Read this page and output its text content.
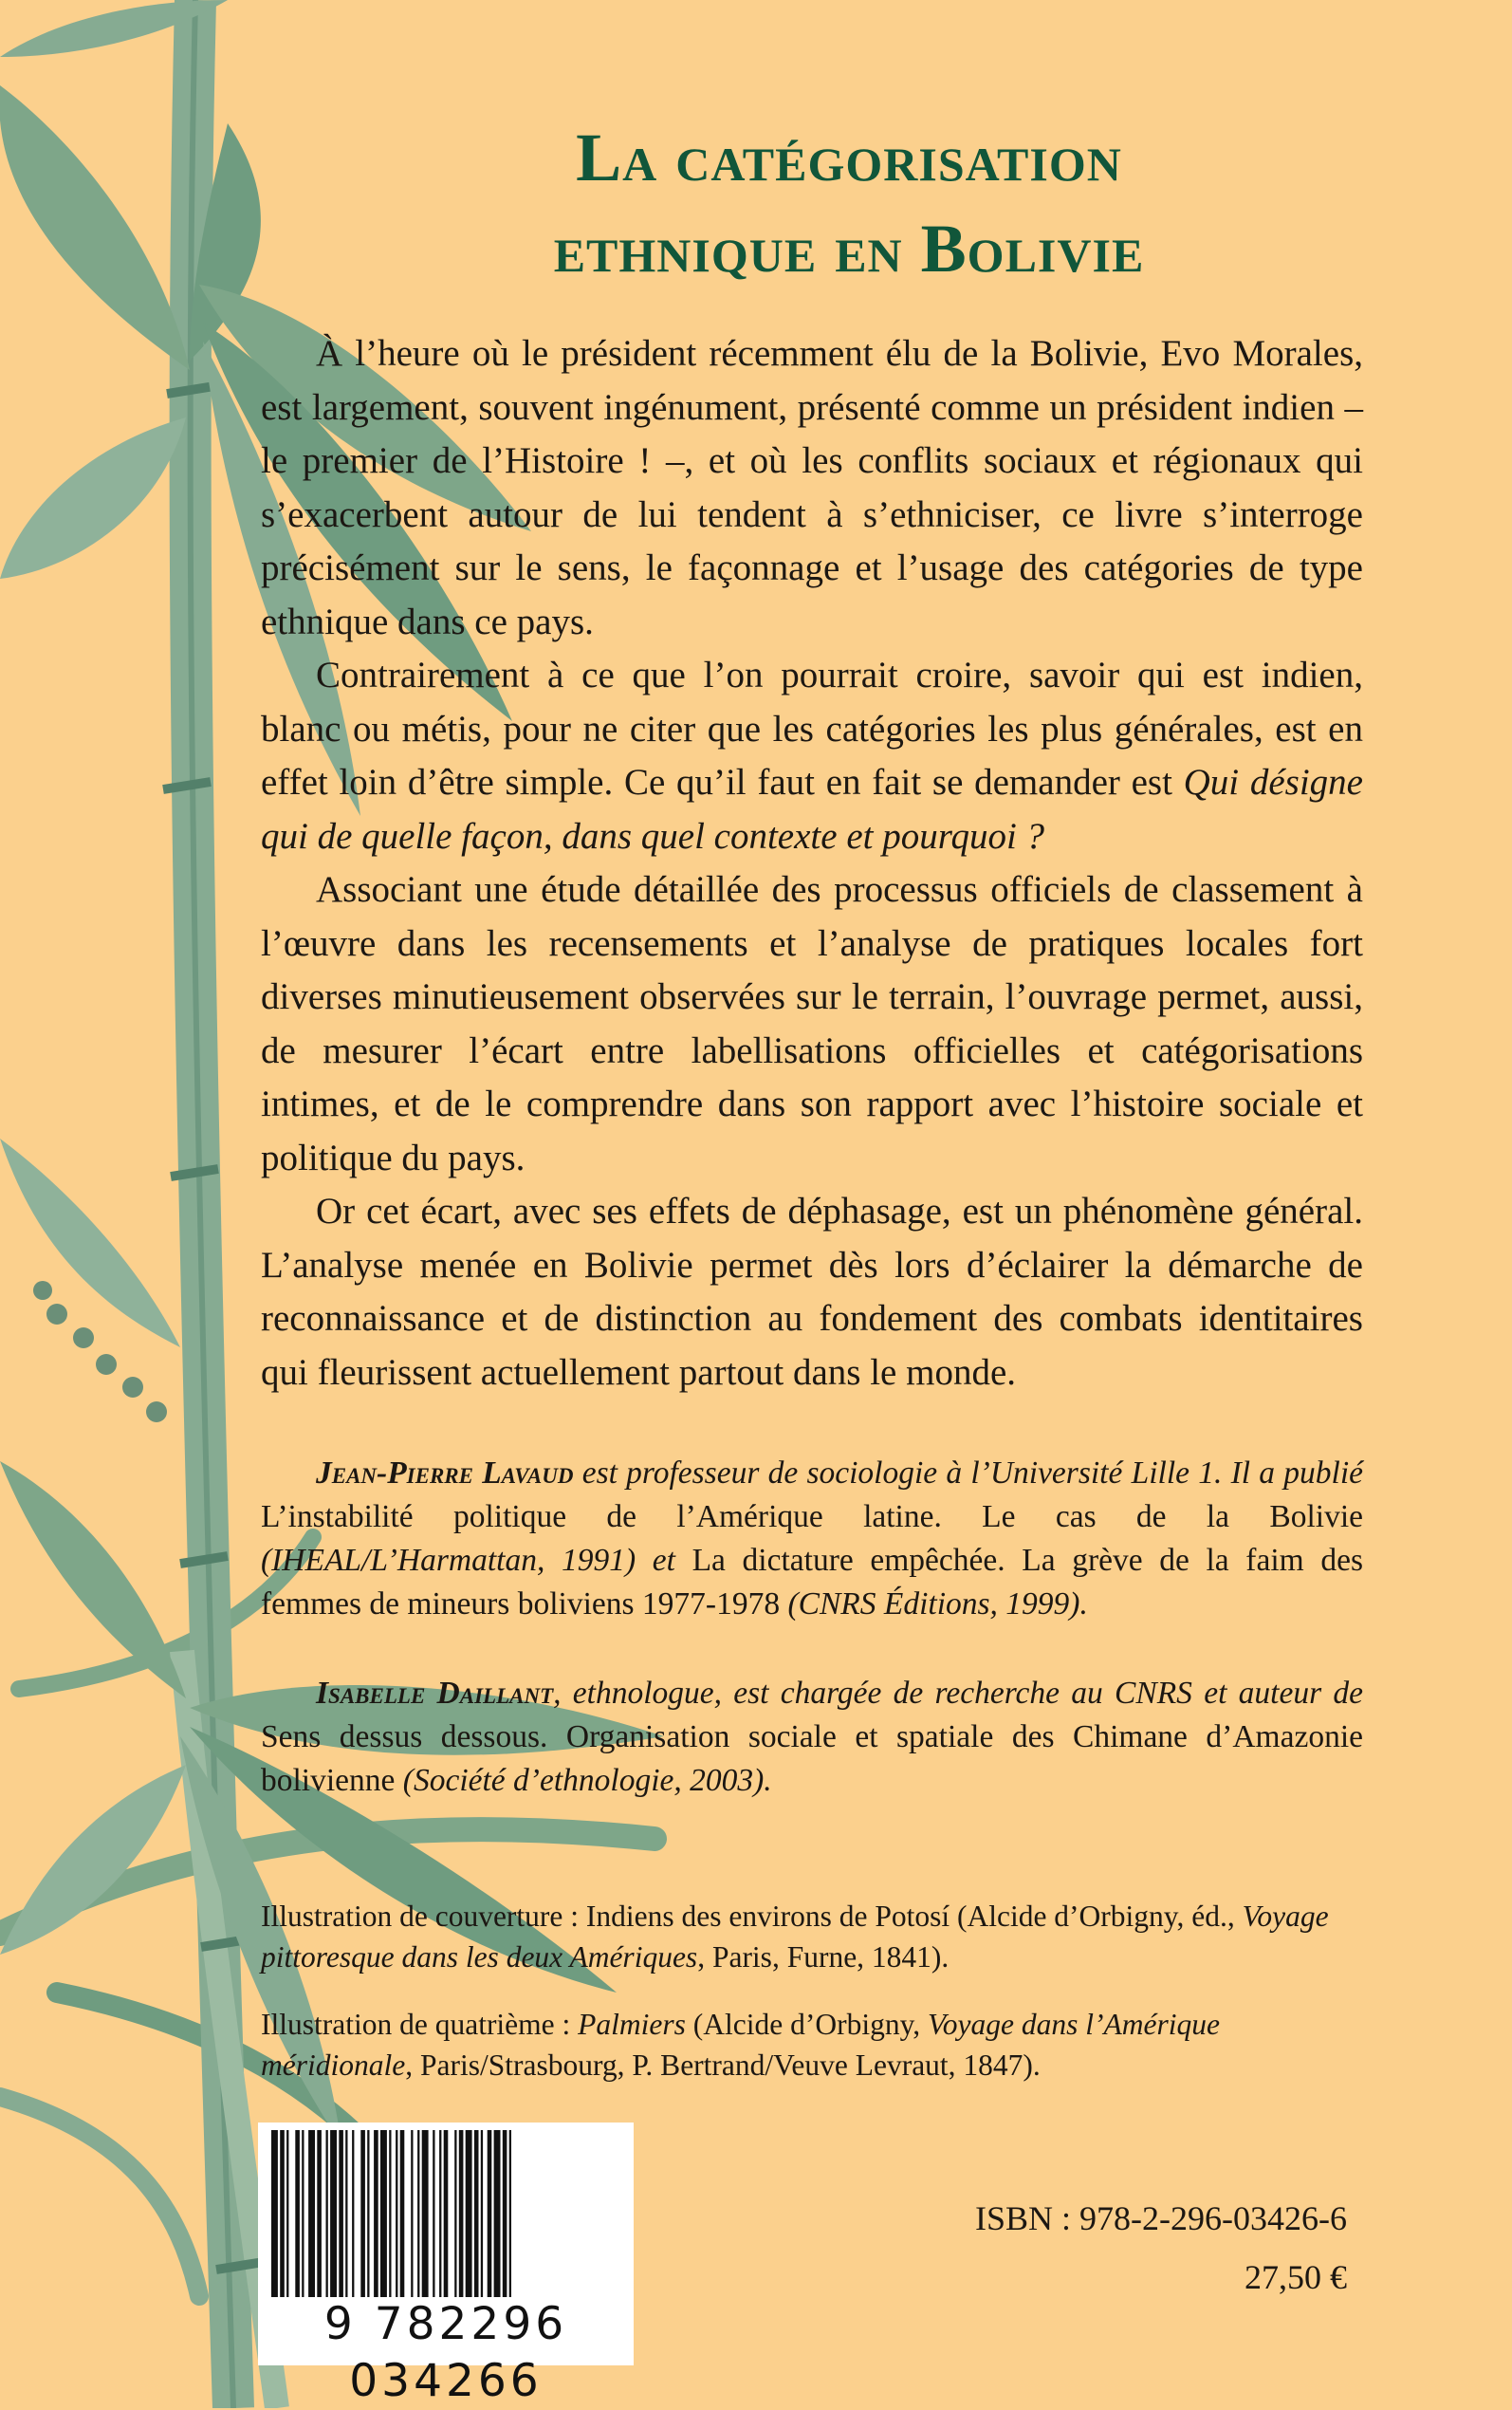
La catégorisation
ethnique en Bolivie

À l’heure où le président récemment élu de la Bolivie, Evo Morales, est largement, souvent ingénument, présenté comme un président indien – le premier de l’Histoire ! –, et où les conflits sociaux et régionaux qui s’exacerbent autour de lui tendent à s’ethniciser, ce livre s’interroge précisément sur le sens, le façonnage et l’usage des catégories de type ethnique dans ce pays.

Contrairement à ce que l’on pourrait croire, savoir qui est indien, blanc ou métis, pour ne citer que les catégories les plus générales, est en effet loin d’être simple. Ce qu’il faut en fait se demander est Qui désigne qui de quelle façon, dans quel contexte et pourquoi ?

Associant une étude détaillée des processus officiels de classement à l’œuvre dans les recensements et l’analyse de pratiques locales fort diverses minutieusement observées sur le terrain, l’ouvrage permet, aussi, de mesurer l’écart entre labellisations officielles et catégorisations intimes, et de le comprendre dans son rapport avec l’histoire sociale et politique du pays.

Or cet écart, avec ses effets de déphasage, est un phénomène général. L’analyse menée en Bolivie permet dès lors d’éclairer la démarche de reconnaissance et de distinction au fondement des combats identitaires qui fleurissent actuellement partout dans le monde.

Jean-Pierre Lavaud est professeur de sociologie à l’Université Lille 1. Il a publié L’instabilité politique de l’Amérique latine. Le cas de la Bolivie (IHEAL/L’Harmattan, 1991) et La dictature empêchée. La grève de la faim des femmes de mineurs boliviens 1977-1978 (CNRS Éditions, 1999).

Isabelle Daillant, ethnologue, est chargée de recherche au CNRS et auteur de Sens dessus dessous. Organisation sociale et spatiale des Chimane d’Amazonie bolivienne (Société d’ethnologie, 2003).

Illustration de couverture : Indiens des environs de Potosí (Alcide d’Orbigny, éd., Voyage pittoresque dans les deux Amériques, Paris, Furne, 1841).

Illustration de quatrième : Palmiers (Alcide d’Orbigny, Voyage dans l’Amérique méridionale, Paris/Strasbourg, P. Bertrand/Veuve Levraut, 1847).

9 782296 034266

ISBN : 978-2-296-03426-6

27,50 €
